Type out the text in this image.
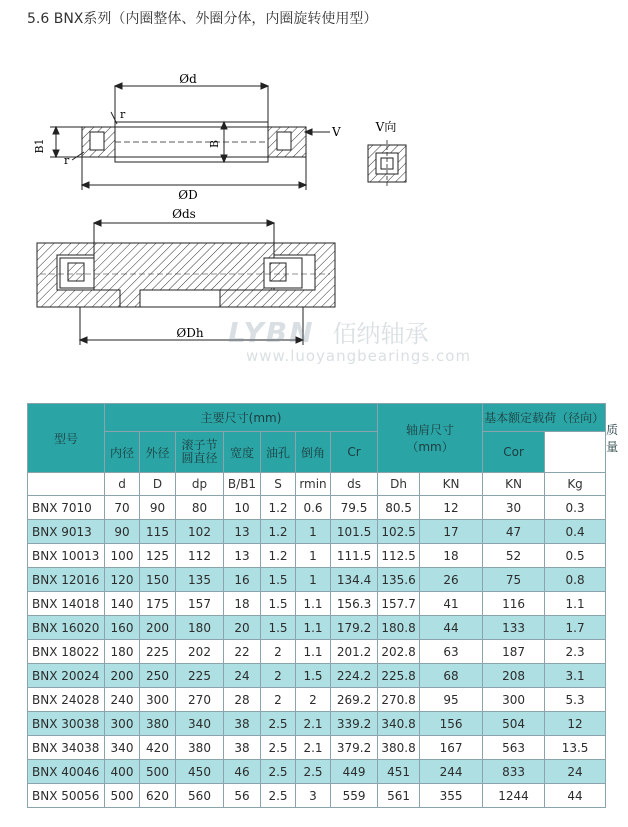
5.6 BNX系列（内圈整体、外圈分体，内圈旋转使用型）
Ød
ØD
B1	B
r
r
V	V向
Øds
ØDh LYBN 佰纳轴承
www.luoyangbearings.com
型号	主要尺寸(mm)							轴肩尺寸
（mm）		基本额定载荷（径向）		质量
	内径	外径	滚子节
圆直径	宽度	油孔	倒角	Cr			Cor		
	d	D	dp	B/B1	S	rmin	ds	Dh	KN	KN	Kg	
BNX 7010	70	90	80	10	1.2	0.6	79.5	80.5	12	30	0.3	
BNX 9013	90	115	102	13	1.2	1	101.5	102.5	17	47	0.4	
BNX 10013	100	125	112	13	1.2	1	111.5	112.5	18	52	0.5	
BNX 12016	120	150	135	16	1.5	1	134.4	135.6	26	75	0.8	
BNX 14018	140	175	157	18	1.5	1.1	156.3	157.7	41	116	1.1	
BNX 16020	160	200	180	20	1.5	1.1	179.2	180.8	44	133	1.7	
BNX 18022	180	225	202	22	2	1.1	201.2	202.8	63	187	2.3	
BNX 20024	200	250	225	24	2	1.5	224.2	225.8	68	208	3.1	
BNX 24028	240	300	270	28	2	2	269.2	270.8	95	300	5.3	
BNX 30038	300	380	340	38	2.5	2.1	339.2	340.8	156	504	12	
BNX 34038	340	420	380	38	2.5	2.1	379.2	380.8	167	563	13.5	
BNX 40046	400	500	450	46	2.5	2.5	449	451	244	833	24	
BNX 50056	500	620	560	56	2.5	3	559	561	355	1244	44	
